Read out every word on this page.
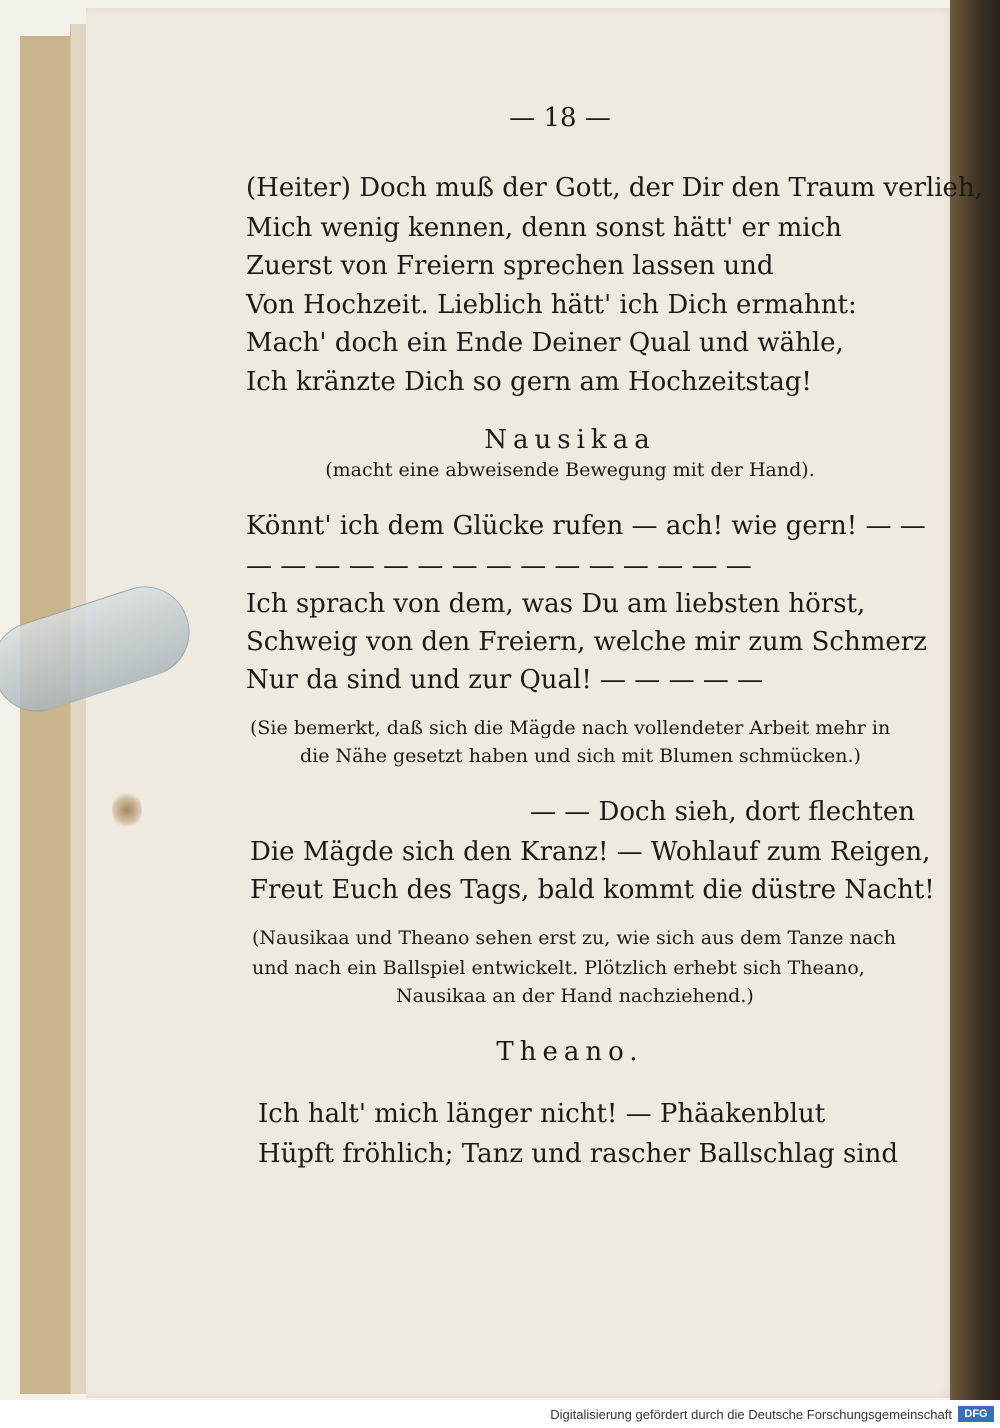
— 18 —
(Heiter) Doch muß der Gott, der Dir den Traum verlieh,
Mich wenig kennen, denn sonst hätt' er mich
Zuerst von Freiern sprechen lassen und
Von Hochzeit. Lieblich hätt' ich Dich ermahnt:
Mach' doch ein Ende Deiner Qual und wähle,
Ich kränzte Dich so gern am Hochzeitstag!
Nausikaa
(macht eine abweisende Bewegung mit der Hand).
Könnt' ich dem Glücke rufen — ach! wie gern! — —
— — — — — — — — — — — — — — —
Ich sprach von dem, was Du am liebsten hörst,
Schweig von den Freiern, welche mir zum Schmerz
Nur da sind und zur Qual! — — — — —
(Sie bemerkt, daß sich die Mägde nach vollendeter Arbeit mehr in
die Nähe gesetzt haben und sich mit Blumen schmücken.)
— — Doch sieh, dort flechten
Die Mägde sich den Kranz! — Wohlauf zum Reigen,
Freut Euch des Tags, bald kommt die düstre Nacht!
(Nausikaa und Theano sehen erst zu, wie sich aus dem Tanze nach
und nach ein Ballspiel entwickelt. Plötzlich erhebt sich Theano,
Nausikaa an der Hand nachziehend.)
Theano.
Ich halt' mich länger nicht! — Phäakenblut
Hüpft fröhlich; Tanz und rascher Ballschlag sind
Digitalisierung gefördert durch die Deutsche Forschungsgemeinschaft	DFG
